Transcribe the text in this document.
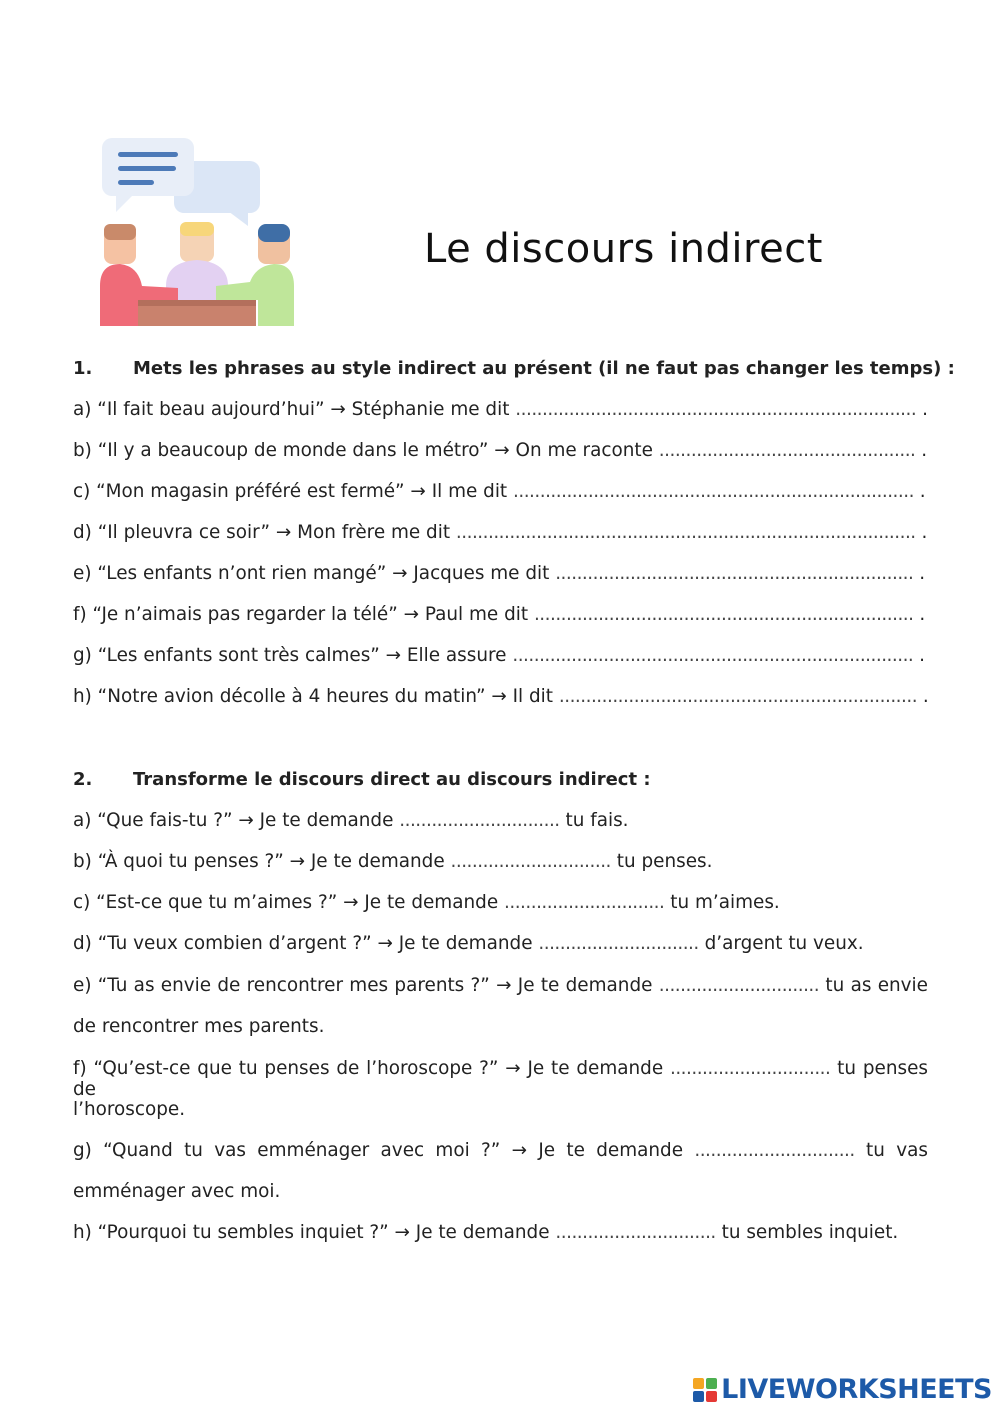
Le discours indirect
1. Mets les phrases au style indirect au présent (il ne faut pas changer les temps) :
a) “Il fait beau aujourd’hui” → Stéphanie me dit ........................................................................... .
b) “Il y a beaucoup de monde dans le métro” → On me raconte ................................................ .
c) “Mon magasin préféré est fermé” → Il me dit ........................................................................... .
d) “Il pleuvra ce soir” → Mon frère me dit ...................................................................................... .
e) “Les enfants n’ont rien mangé” → Jacques me dit ................................................................... .
f) “Je n’aimais pas regarder la télé” → Paul me dit ....................................................................... .
g) “Les enfants sont très calmes” → Elle assure ........................................................................... .
h) “Notre avion décolle à 4 heures du matin” → Il dit ................................................................... .
2. Transforme le discours direct au discours indirect :
a) “Que fais-tu ?” → Je te demande .............................. tu fais.
b) “À quoi tu penses ?” → Je te demande .............................. tu penses.
c) “Est-ce que tu m’aimes ?” → Je te demande .............................. tu m’aimes.
d) “Tu veux combien d’argent ?” → Je te demande .............................. d’argent tu veux.
e) “Tu as envie de rencontrer mes parents ?” → Je te demande .............................. tu as envie
de rencontrer mes parents.
f) “Qu’est-ce que tu penses de l’horoscope ?” → Je te demande .............................. tu penses de
l’horoscope.
g) “Quand tu vas emménager avec moi ?” → Je te demande .............................. tu vas
emménager avec moi.
h) “Pourquoi tu sembles inquiet ?” → Je te demande .............................. tu sembles inquiet.
LIVEWORKSHEETS
